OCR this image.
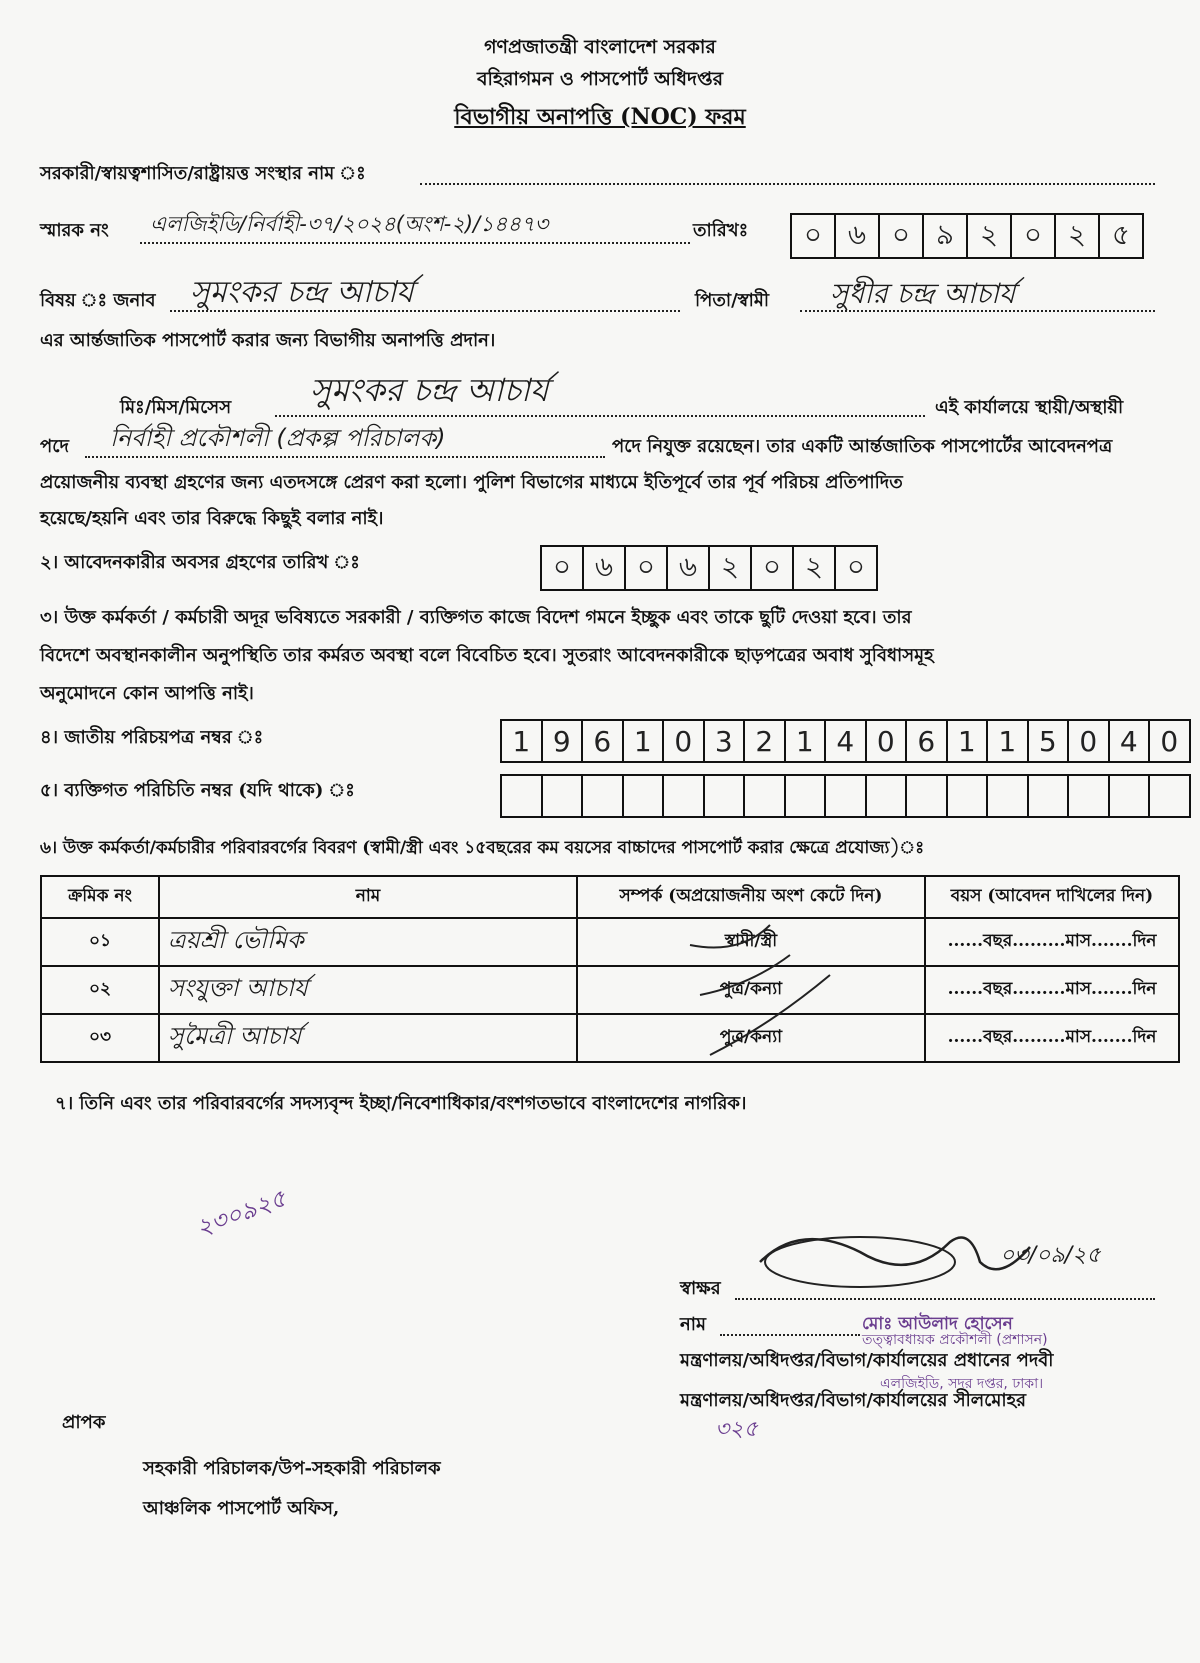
গণপ্রজাতন্ত্রী বাংলাদেশ সরকার
বহিরাগমন ও পাসপোর্ট অধিদপ্তর
বিভাগীয় অনাপত্তি (NOC) ফরম
সরকারী/স্বায়ত্বশাসিত/রাষ্ট্রায়ত্ত সংস্থার নাম ঃ
স্মারক নং এলজিইডি/নির্বাহী-৩৭/২০২৪(অংশ-২)/১৪৪৭৩	তারিখঃ	০ ৬ ০ ৯ ২ ০ ২ ৫
বিষয় ঃ জনাব সুমংকর চন্দ্র আচার্য	পিতা/স্বামী সুধীর চন্দ্র আচার্য
এর আর্ন্তজাতিক পাসপোর্ট করার জন্য বিভাগীয় অনাপত্তি প্রদান।
মিঃ/মিস/মিসেস সুমংকর চন্দ্র আচার্য	এই কার্যালয়ে স্থায়ী/অস্থায়ী
পদে নির্বাহী প্রকৌশলী (প্রকল্প পরিচালক)	পদে নিযুক্ত রয়েছেন। তার একটি আর্ন্তজাতিক পাসপোর্টের আবেদনপত্র
প্রয়োজনীয় ব্যবস্থা গ্রহণের জন্য এতদসঙ্গে প্রেরণ করা হলো। পুলিশ বিভাগের মাধ্যমে ইতিপূর্বে তার পূর্ব পরিচয় প্রতিপাদিত
হয়েছে/হয়নি এবং তার বিরুদ্ধে কিছুই বলার নাই।
২। আবেদনকারীর অবসর গ্রহণের তারিখ ঃ	০ ৬ ০ ৬ ২ ০ ২ ০
৩। উক্ত কর্মকর্তা / কর্মচারী অদূর ভবিষ্যতে সরকারী / ব্যক্তিগত কাজে বিদেশ গমনে ইচ্ছুক এবং তাকে ছুটি দেওয়া হবে। তার
বিদেশে অবস্থানকালীন অনুপস্থিতি তার কর্মরত অবস্থা বলে বিবেচিত হবে। সুতরাং আবেদনকারীকে ছাড়পত্রের অবাধ সুবিধাসমূহ
অনুমোদনে কোন আপত্তি নাই।
৪। জাতীয় পরিচয়পত্র নম্বর ঃ	1 9 6 1 0 3 2 1 4 0 6 1 1 5 0 4 0
৫। ব্যক্তিগত পরিচিতি নম্বর (যদি থাকে) ঃ
৬। উক্ত কর্মকর্তা/কর্মচারীর পরিবারবর্গের বিবরণ (স্বামী/স্ত্রী এবং ১৫বছরের কম বয়সের বাচ্চাদের পাসপোর্ট করার ক্ষেত্রে প্রযোজ্য)ঃ
ক্রমিক নং	নাম	সম্পর্ক (অপ্রয়োজনীয় অংশ কেটে দিন)	বয়স (আবেদন দাখিলের দিন)
০১	ত্রয়শ্রী ভৌমিক	স্বামী/স্ত্রী	......বছর.........মাস.......দিন
০২	সংযুক্তা আচার্য	পুত্র/কন্যা	......বছর.........মাস.......দিন
০৩	সুমৈত্রী আচার্য	পুত্র/কন্যা	......বছর.........মাস.......দিন
৭। তিনি এবং তার পরিবারবর্গের সদস্যবৃন্দ ইচ্ছা/নিবেশাধিকার/বংশগতভাবে বাংলাদেশের নাগরিক।
২৩০৯২৫
০৩/০৯/২৫
স্বাক্ষর
নাম	মোঃ আউলাদ হোসেন
তত্ত্বাবধায়ক প্রকৌশলী (প্রশাসন)
মন্ত্রণালয়/অধিদপ্তর/বিভাগ/কার্যালয়ের প্রধানের পদবী
এলজিইডি, সদর দপ্তর, ঢাকা।
মন্ত্রণালয়/অধিদপ্তর/বিভাগ/কার্যালয়ের সীলমোহর
৩২৫
প্রাপক
সহকারী পরিচালক/উপ-সহকারী পরিচালক
আঞ্চলিক পাসপোর্ট অফিস,
